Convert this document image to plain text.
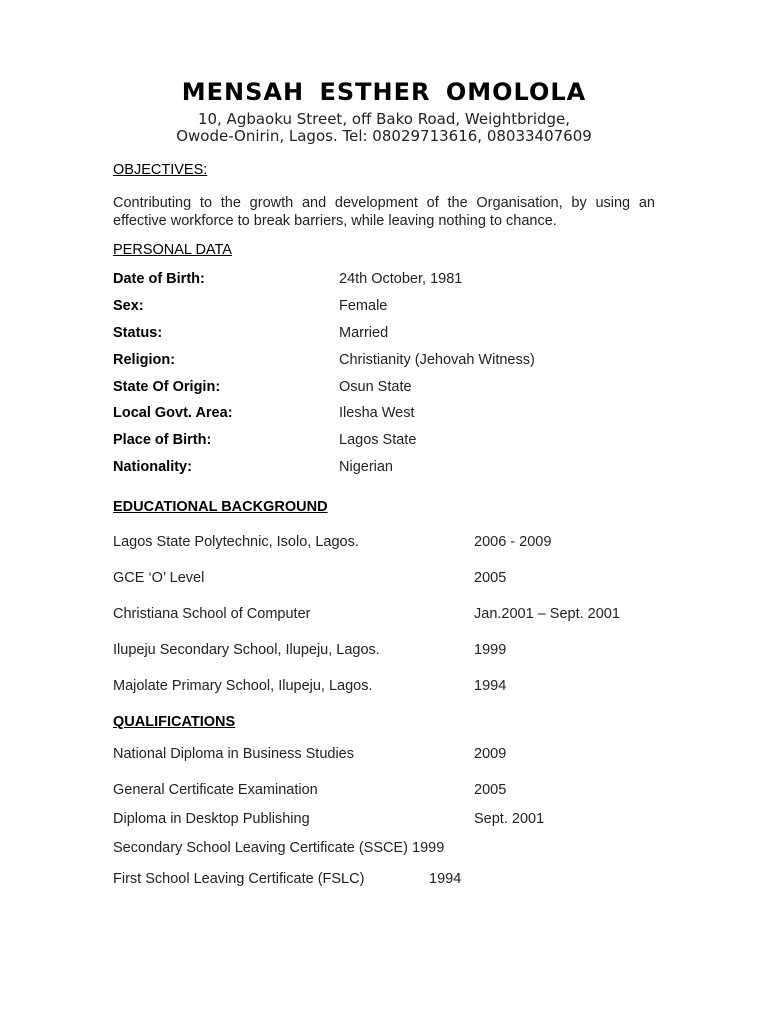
MENSAH ESTHER OMOLOLA
10, Agbaoku Street, off Bako Road, Weightbridge,
Owode-Onirin, Lagos. Tel: 08029713616, 08033407609
OBJECTIVES:
Contributing to the growth and development of the Organisation, by using an
effective workforce to break barriers, while leaving nothing to chance.
PERSONAL DATA
Date of Birth:	24th October, 1981
Sex:	Female
Status:	Married
Religion:	Christianity (Jehovah Witness)
State Of Origin:	Osun State
Local Govt. Area:	Ilesha West
Place of Birth:	Lagos State
Nationality:	Nigerian
EDUCATIONAL BACKGROUND
Lagos State Polytechnic, Isolo, Lagos.	2006 - 2009
GCE ‘O’ Level	2005
Christiana School of Computer	Jan.2001 – Sept. 2001
Ilupeju Secondary School, Ilupeju, Lagos.	1999
Majolate Primary School, Ilupeju, Lagos.	1994
QUALIFICATIONS
National Diploma in Business Studies	2009
General Certificate Examination	2005
Diploma in Desktop Publishing	Sept. 2001
Secondary School Leaving Certificate (SSCE) 1999
First School Leaving Certificate (FSLC)	1994
